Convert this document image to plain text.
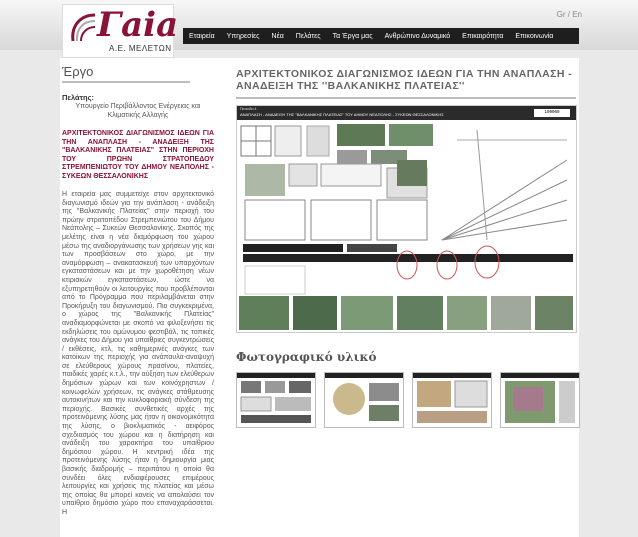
Γaia
Α.Ε. ΜΕΛΕΤΩΝ
Gr / En
Εταιρεία	Υπηρεσίες	Νέα	Πελάτες	Τα Έργα μας	Ανθρώπινο Δυναμικό	Επικαιρότητα	Επικοινωνία
Έργο
Πελάτης:
Υπουργείο Περιβάλλοντος Ενέργειας και Κλιματικής Αλλαγής
ΑΡΧΙΤΕΚΤΟΝΙΚΟΣ ΔΙΑΓΩΝΙΣΜΟΣ ΙΔΕΩΝ ΓΙΑ ΤΗΝ ΑΝΑΠΛΑΣΗ - ΑΝΑΔΕΙΞΗ ΤΗΣ "ΒΑΛΚΑΝΙΚΗΣ ΠΛΑΤΕΙΑΣ" ΣΤΗΝ ΠΕΡΙΟΧΗ ΤΟΥ ΠΡΩΗΝ ΣΤΡΑΤΟΠΕΔΟΥ ΣΤΡΕΜΠΕΝΙΩΤΟΥ ΤΟΥ ΔΗΜΟΥ ΝΕΑΠΟΛΗΣ - ΣΥΚΕΩΝ ΘΕΣΣΑΛΟΝΙΚΗΣ
Η εταιρεία μας συμμετείχε στον αρχιτεκτονικό διαγωνισμό ιδεών για την ανάπλαση - ανάδειξη της "Βαλκανικής Πλατείας" στην περιοχή του πρώην στρατοπέδου Στρεμπενιώτου του Δήμου Νεάπολης – Συκεών Θεσσαλονίκης. Σκοπός της μελέτης είναι η νέα διαμόρφωση του χώρου μέσω της αναδιοργάνωσης των χρήσεων γης και των προσβάσεων στο χώρο, με την αναμόρφωση – ανακατασκευή των υπαρχόντων εγκαταστάσεων και με την χωροθέτηση νέων κτιριακών εγκαταστάσεων, ώστε να εξυπηρετηθούν οι λειτουργίες που προβλέπονται από το Πρόγραμμα που περιλαμβάνεται στην Προκήρυξη του διαγωνισμού. Πιο συγκεκριμένα, ο χώρος της "Βαλκανικής Πλατείας" αναδιαμορφώνεται με σκοπό να φιλοξενήσει τις εκδηλώσεις του ομώνυμου φεστιβάλ, τις τοπικές ανάγκες του Δήμου για υπαίθριες συγκεντρώσεις / εκθέσεις, κτλ, τις καθημερινές ανάγκες των κατοίκων της περιοχής για ανάπαυλα-αναψυχή σε ελεύθερους χώρους πρασίνου, πλατείες, παιδικές χαρές κ.τ.λ., την αύξηση των ελεύθερων δημόσιων χώρων και των κοινόχρηστων / κοινωφελών χρήσεων, τις ανάγκες στάθμευσης αυτοκινήτων και την κυκλοφοριακή σύνδεση της περιοχής. Βασικές συνθετικές αρχές της προτεινόμενης λύσης μας ήταν η οικονομικότητα της λύσης, ο βιοκλιματικός - αειφόρος σχεδιασμός του χώρου και η διατήρηση και ανάδειξη του χαρακτήρα του υπαίθριου δημόσιου χώρου. Η κεντρική ιδέα της προτεινόμενης λύσης ήταν η δημιουργία μιας βασικής διαδρομής – περιπάτου η οποία θα συνδέει όλες ενδιαφέρουσες επιμέρους λειτουργίες και χρήσεις της πλατείας και μέσω της οποίας θα μπορεί κανείς να απολαύσει τον υπαίθριο δημόσιο χώρο που επαναχαράσσεται. Η
ΑΡΧΙΤΕΚΤΟΝΙΚΟΣ ΔΙΑΓΩΝΙΣΜΟΣ ΙΔΕΩΝ ΓΙΑ ΤΗΝ ΑΝΑΠΛΑΣΗ - ΑΝΑΔΕΙΞΗ ΤΗΣ ''ΒΑΛΚΑΝΙΚΗΣ ΠΛΑΤΕΙΑΣ''
Πινακίδα 4
ΑΝΑΠΛΑΣΗ - ΑΝΑΔΕΙΞΗ ΤΗΣ "ΒΑΛΚΑΝΙΚΗΣ ΠΛΑΤΕΙΑΣ" ΤΟΥ ΔΗΜΟΥ ΝΕΑΠΟΛΗΣ - ΣΥΚΕΩΝ ΘΕΣΣΑΛΟΝΙΚΗΣ
199969
Φωτογραφικό υλικό
